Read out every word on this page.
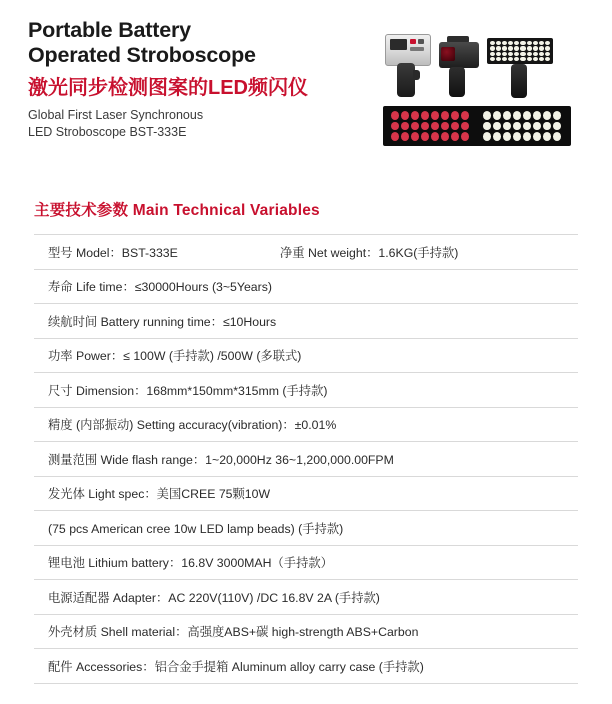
Portable Battery
Operated Stroboscope
激光同步检测图案的LED频闪仪
Global First Laser Synchronous
LED Stroboscope BST-333E
主要技术参数 Main Technical Variables
型号 Model：BST-333E	净重 Net weight：1.6KG(手持款)
寿命 Life time：≤30000Hours (3~5Years)
续航时间 Battery running time：≤10Hours
功率 Power：≤ 100W (手持款) /500W (多联式)
尺寸 Dimension：168mm*150mm*315mm (手持款)
精度 (内部振动) Setting accuracy(vibration)：±0.01%
测量范围 Wide flash range：1~20,000Hz 36~1,200,000.00FPM
发光体 Light spec：美国CREE 75颗10W
(75 pcs American cree 10w LED lamp beads) (手持款)
锂电池 Lithium battery：16.8V 3000MAH（手持款）
电源适配器 Adapter：AC 220V(110V) /DC 16.8V 2A (手持款)
外壳材质 Shell material：高强度ABS+碳 high-strength ABS+Carbon
配件 Accessories：铝合金手提箱 Aluminum alloy carry case (手持款)
